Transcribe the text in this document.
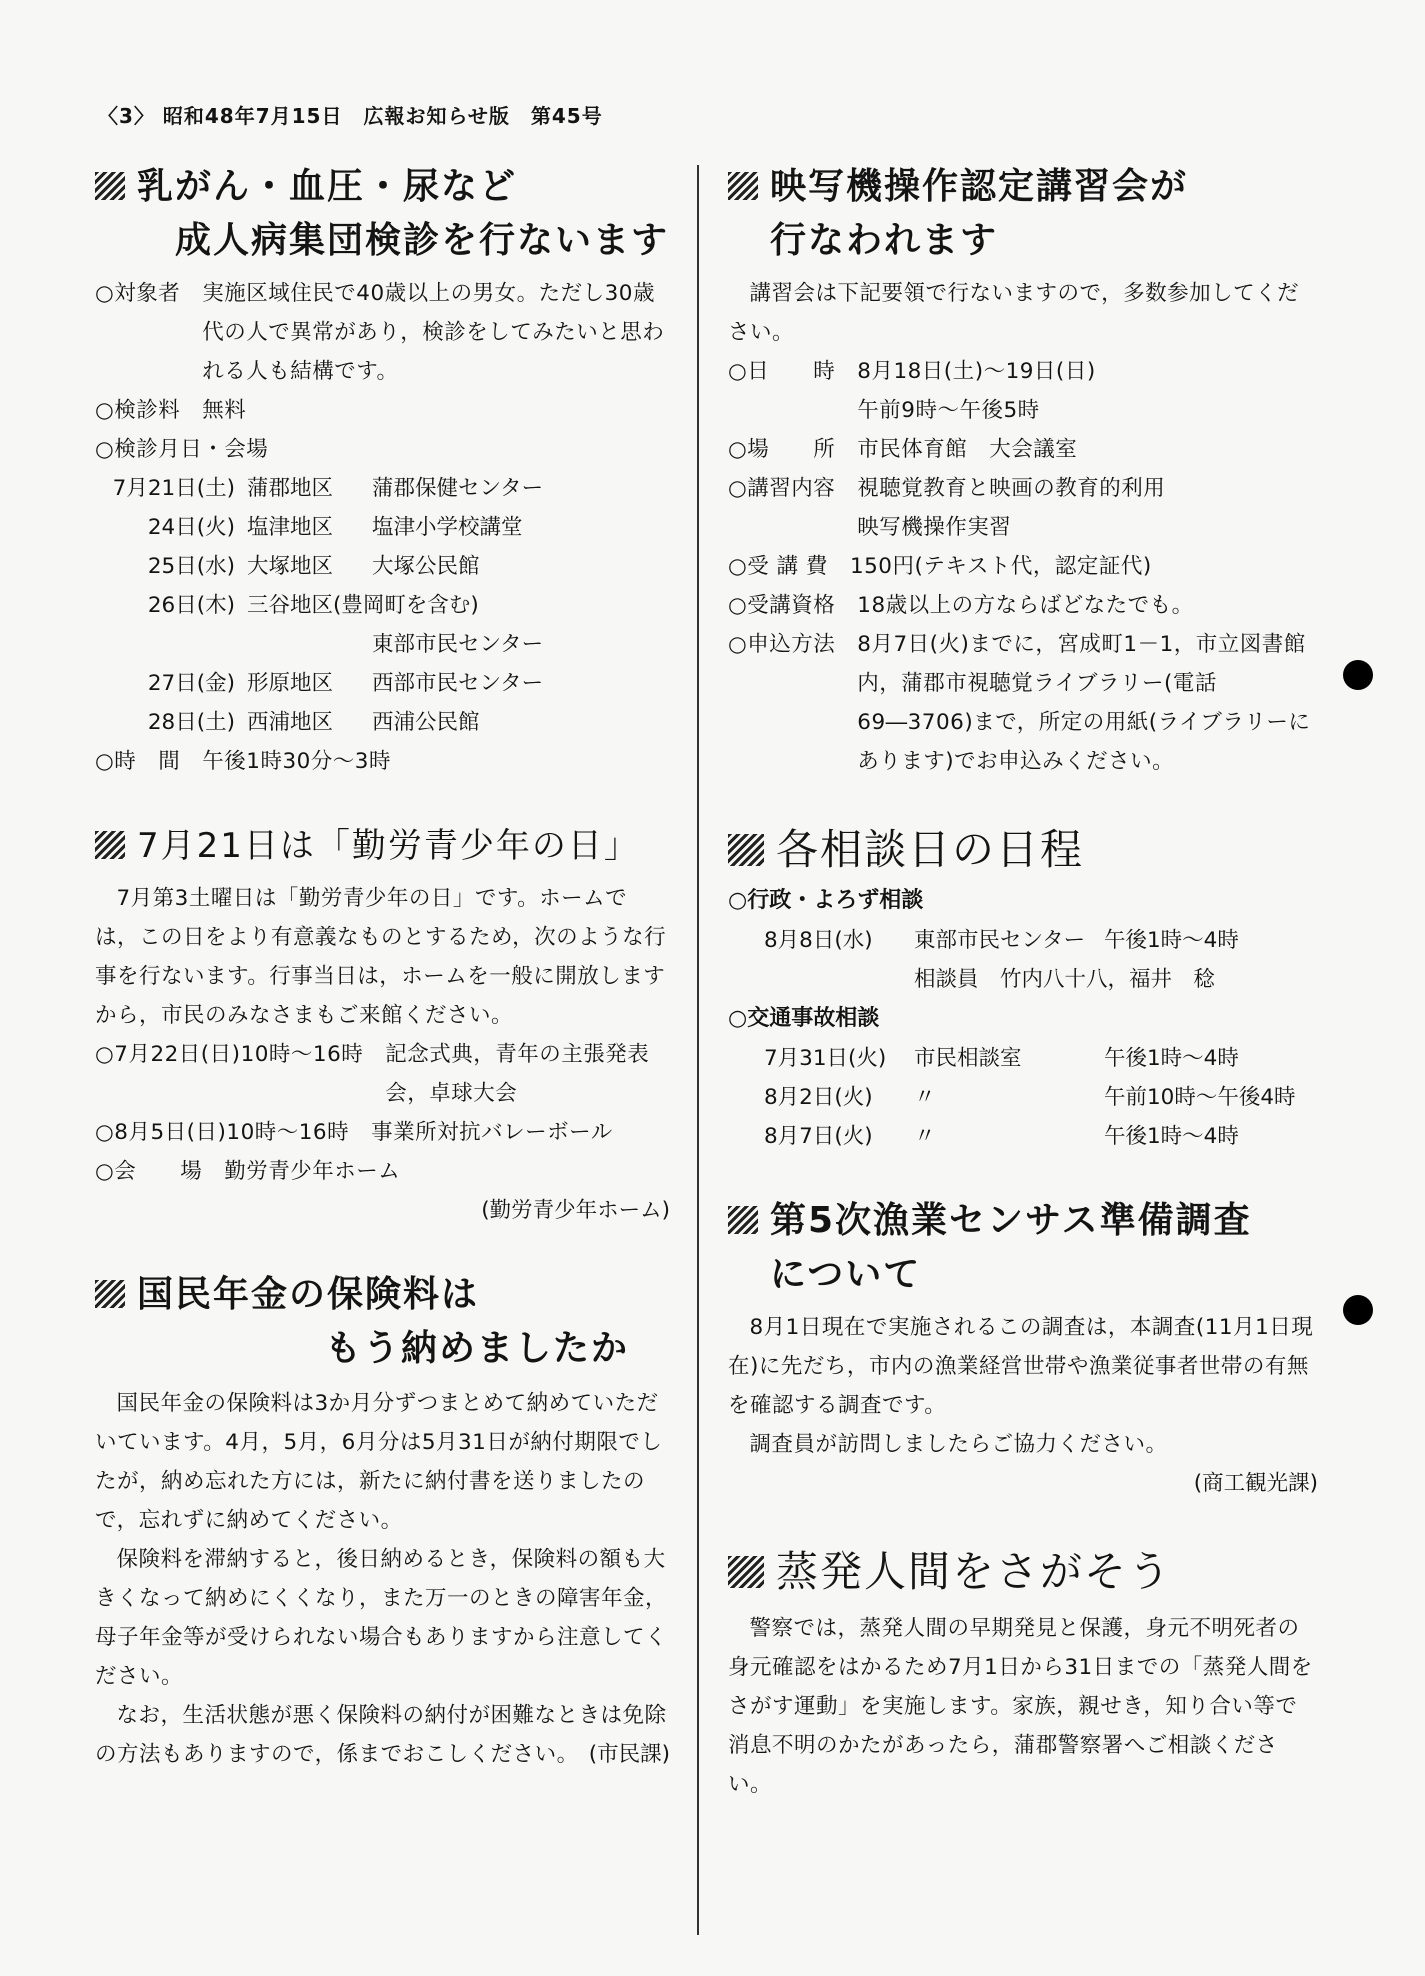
〈3〉 昭和48年7月15日　広報お知らせ版　第45号
乳がん・血圧・尿など
成人病集団検診を行ないます
○対象者　 実施区域住民で40歳以上の男女。ただし30歳代の人で異常があり，検診をしてみたいと思われる人も結構です。
○検診料　 無料
○検診月日・会場
7月21日(土) 蒲郡地区	蒲郡保健センター
24日(火) 塩津地区	塩津小学校講堂
25日(水) 大塚地区	大塚公民館
26日(木) 三谷地区(豊岡町を含む)
東部市民センター
27日(金) 形原地区	西部市民センター
28日(土) 西浦地区	西浦公民館
○時　間　 午後1時30分～3時
7月21日は「勤労青少年の日」

7月第3土曜日は「勤労青少年の日」です。ホームでは，この日をより有意義なものとするため，次のような行事を行ないます。行事当日は，ホームを一般に開放しますから，市民のみなさまもご来館ください。

○7月22日(日)10時～16時　 記念式典，青年の主張発表会，卓球大会
○8月5日(日)10時～16時　 事業所対抗バレーボール
○会　　場　 勤労青少年ホーム
(勤労青少年ホーム)
国民年金の保険料は
もう納めましたか

国民年金の保険料は3か月分ずつまとめて納めていただいています。4月，5月，6月分は5月31日が納付期限でしたが，納め忘れた方には，新たに納付書を送りましたので，忘れずに納めてください。

保険料を滞納すると，後日納めるとき，保険料の額も大きくなって納めにくくなり，また万一のときの障害年金，母子年金等が受けられない場合もありますから注意してください。

なお，生活状態が悪く保険料の納付が困難なときは免除の方法もありますので，係までおこしください。 (市民課)
映写機操作認定講習会が
行なわれます

講習会は下記要領で行ないますので，多数参加してください。

○日　　時　 8月18日(土)～19日(日)
午前9時～午後5時
○場　　所　 市民体育館　大会議室
○講習内容　 視聴覚教育と映画の教育的利用
映写機操作実習
○受 講 費　 150円(テキスト代，認定証代)
○受講資格　 18歳以上の方ならばどなたでも。
○申込方法　 8月7日(火)までに，宮成町1－1，市立図書館内，蒲郡市視聴覚ライブラリー(電話69―3706)まで，所定の用紙(ライブラリーにあります)でお申込みください。
各相談日の日程
○行政・よろず相談
8月8日(水)	東部市民センター 午後1時～4時
相談員　竹内八十八，福井　稔
○交通事故相談
7月31日(火)	市民相談室	午後1時～4時
8月2日(火)	〃	午前10時～午後4時
8月7日(火)	〃	午後1時～4時
第5次漁業センサス準備調査
について

8月1日現在で実施されるこの調査は，本調査(11月1日現在)に先だち，市内の漁業経営世帯や漁業従事者世帯の有無を確認する調査です。

調査員が訪問しましたらご協力ください。

(商工観光課)
蒸発人間をさがそう

警察では，蒸発人間の早期発見と保護，身元不明死者の身元確認をはかるため7月1日から31日までの「蒸発人間をさがす運動」を実施します。家族，親せき，知り合い等で消息不明のかたがあったら，蒲郡警察署へご相談ください。
